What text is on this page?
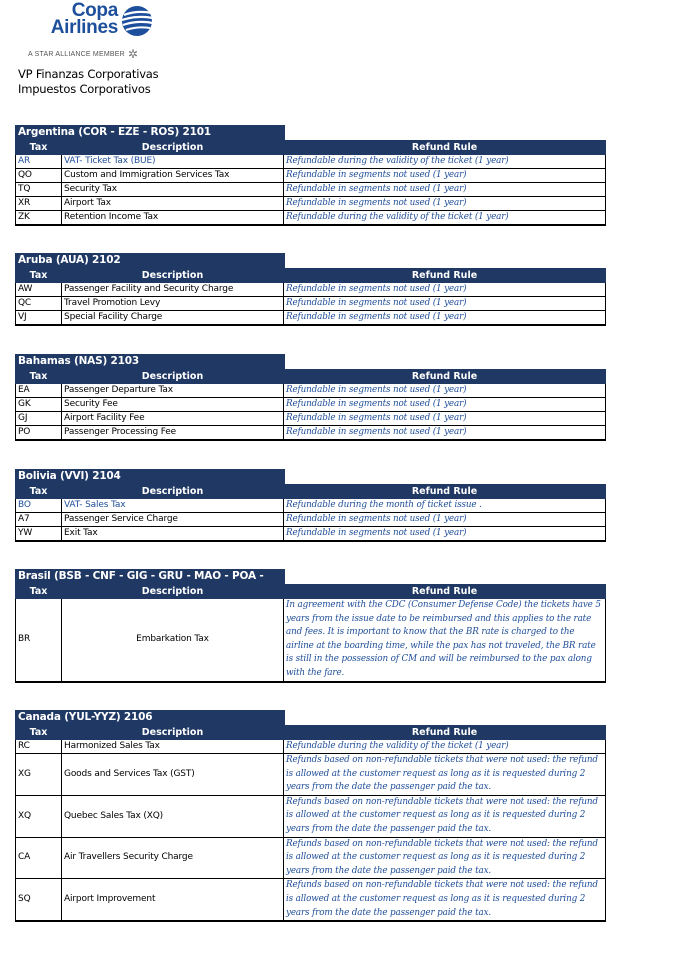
Copa
Airlines
A STAR ALLIANCE MEMBER ✲
VP Finanzas Corporativas
Impuestos Corporativos
Argentina (COR - EZE - ROS) 2101
Tax	Description	Refund Rule
AR	VAT- Ticket Tax (BUE)	Refundable during the validity of the ticket (1 year)
QO	Custom and Immigration Services Tax	Refundable in segments not used (1 year)
TQ	Security Tax	Refundable in segments not used (1 year)
XR	Airport Tax	Refundable in segments not used (1 year)
ZK	Retention Income Tax	Refundable during the validity of the ticket (1 year)
Aruba (AUA) 2102
Tax	Description	Refund Rule
AW	Passenger Facility and Security Charge	Refundable in segments not used (1 year)
QC	Travel Promotion Levy	Refundable in segments not used (1 year)
VJ	Special Facility Charge	Refundable in segments not used (1 year)
Bahamas (NAS) 2103
Tax	Description	Refund Rule
EA	Passenger Departure Tax	Refundable in segments not used (1 year)
GK	Security Fee	Refundable in segments not used (1 year)
GJ	Airport Facility Fee	Refundable in segments not used (1 year)
PO	Passenger Processing Fee	Refundable in segments not used (1 year)
Bolivia (VVI) 2104
Tax	Description	Refund Rule
BO	VAT- Sales Tax	Refundable during the month of ticket issue .
A7	Passenger Service Charge	Refundable in segments not used (1 year)
YW	Exit Tax	Refundable in segments not used (1 year)
Brasil (BSB - CNF - GIG - GRU - MAO - POA -
Tax	Description	Refund Rule
BR	Embarkation Tax	In agreement with the CDC (Consumer Defense Code) the tickets have 5 years from the issue date to be reimbursed and this applies to the rate and fees. It is important to know that the BR rate is charged to the airline at the boarding time, while the pax has not traveled, the BR rate is still in the possession of CM and will be reimbursed to the pax along with the fare.
Canada (YUL-YYZ) 2106
Tax	Description	Refund Rule
RC	Harmonized Sales Tax	Refundable during the validity of the ticket (1 year)
XG	Goods and Services Tax (GST)	Refunds based on non-refundable tickets that were not used: the refund is allowed at the customer request as long as it is requested during 2 years from the date the passenger paid the tax.
XQ	Quebec Sales Tax (XQ)	Refunds based on non-refundable tickets that were not used: the refund is allowed at the customer request as long as it is requested during 2 years from the date the passenger paid the tax.
CA	Air Travellers Security Charge	Refunds based on non-refundable tickets that were not used: the refund is allowed at the customer request as long as it is requested during 2 years from the date the passenger paid the tax.
SQ	Airport Improvement	Refunds based on non-refundable tickets that were not used: the refund is allowed at the customer request as long as it is requested during 2 years from the date the passenger paid the tax.
